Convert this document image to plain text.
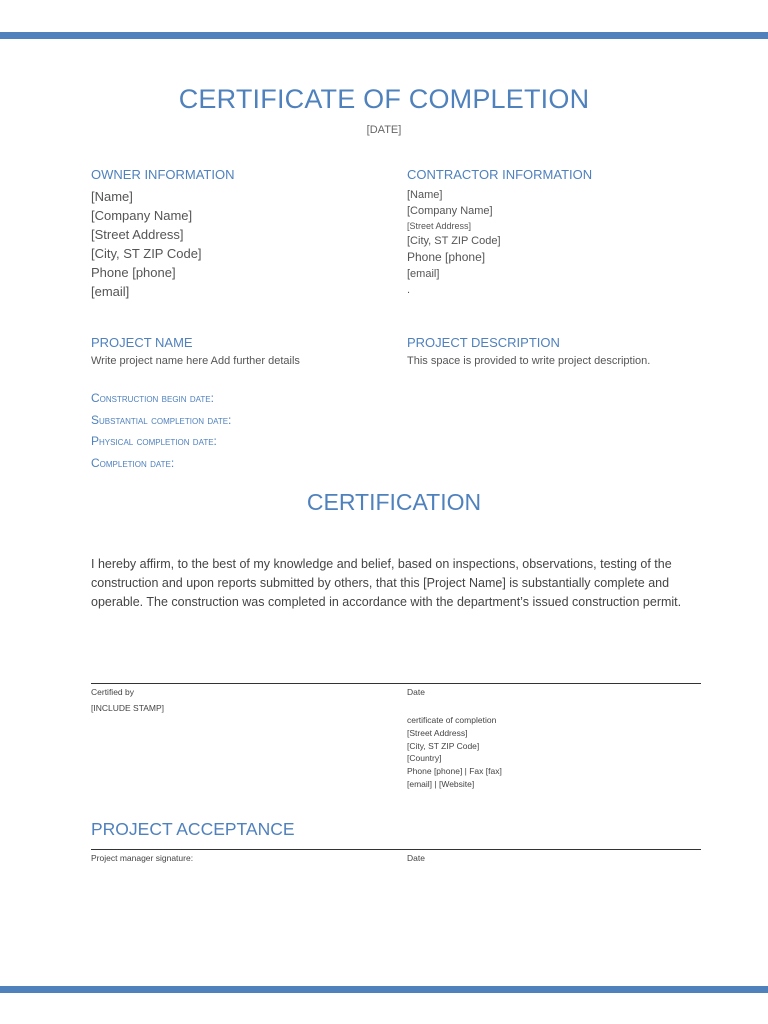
CERTIFICATE OF COMPLETION
[DATE]
OWNER INFORMATION
[Name]
[Company Name]
[Street Address]
[City, ST ZIP Code]
Phone [phone]
[email]
CONTRACTOR INFORMATION
[Name]
[Company Name]
[Street Address]
[City, ST ZIP Code]
Phone [phone]
[email]
.
PROJECT NAME
Write project name here Add further details
PROJECT DESCRIPTION
This space is provided to write project description.
Construction begin date:
Substantial completion date:
Physical completion date:
Completion date:
CERTIFICATION
I hereby affirm, to the best of my knowledge and belief, based on inspections, observations, testing of the construction and upon reports submitted by others, that this [Project Name] is substantially complete and operable. The construction was completed in accordance with the department’s issued construction permit.
Certified by
[INCLUDE STAMP]
Date
certificate of completion
[Street Address]
[City, ST ZIP Code]
[Country]
Phone [phone] | Fax [fax]
[email] | [Website]
PROJECT ACCEPTANCE
Project manager signature:	Date
